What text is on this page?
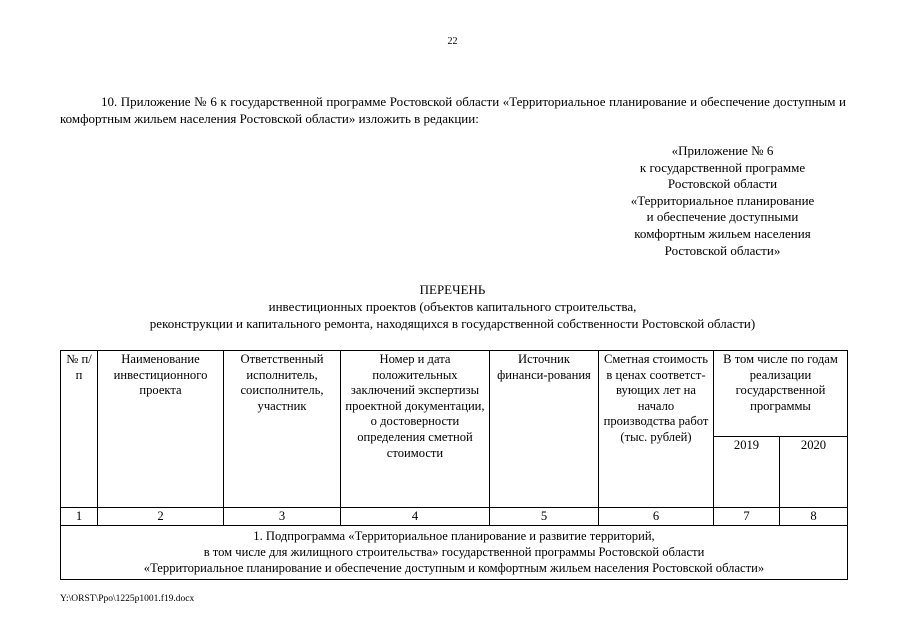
22
10. Приложение № 6 к государственной программе Ростовской области «Территориальное планирование и обеспечение доступным и комфортным жильем населения Ростовской области» изложить в редакции:
«Приложение № 6
к государственной программе
Ростовской области
«Территориальное планирование
и обеспечение доступными
комфортным жильем населения
Ростовской области»
ПЕРЕЧЕНЬ
инвестиционных проектов (объектов капитального строительства,
реконструкции и капитального ремонта, находящихся в государственной собственности Ростовской области)
№ п/п	Наименование инвестиционного проекта	Ответственный исполнитель, соисполнитель, участник	Номер и дата положительных заключений экспертизы проектной документации, о достоверности определения сметной стоимости	Источник финанси-рования	Сметная стоимость в ценах соответст-вующих лет на начало производства работ (тыс. рублей)	В том числе по годам реализации государственной программы	
						2019	2020
1	2	3	4	5	6	7	8

1. Подпрограмма «Территориальное планирование и развитие территорий,
в том числе для жилищного строительства» государственной программы Ростовской области
«Территориальное планирование и обеспечение доступным и комфортным жильем населения Ростовской области»							
Y:\ORST\Ppo\1225p1001.f19.docx
